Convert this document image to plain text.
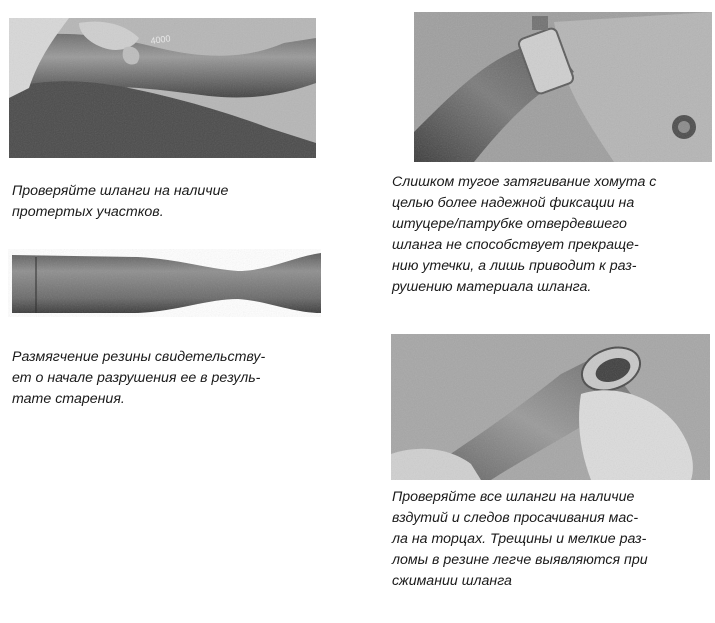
4000
Проверяйте шланги на наличие
протертых участков.
Размягчение резины свидетельству-
ет о начале разрушения ее в резуль-
тате старения.
Слишком тугое затягивание хомута с
целью более надежной фиксации на
штуцере/патрубке отвердевшего
шланга не способствует прекраще-
нию утечки, а лишь приводит к раз-
рушению материала шланга.
Проверяйте все шланги на наличие
вздутий и следов просачивания мас-
ла на торцах. Трещины и мелкие раз-
ломы в резине легче выявляются при
сжимании шланга
